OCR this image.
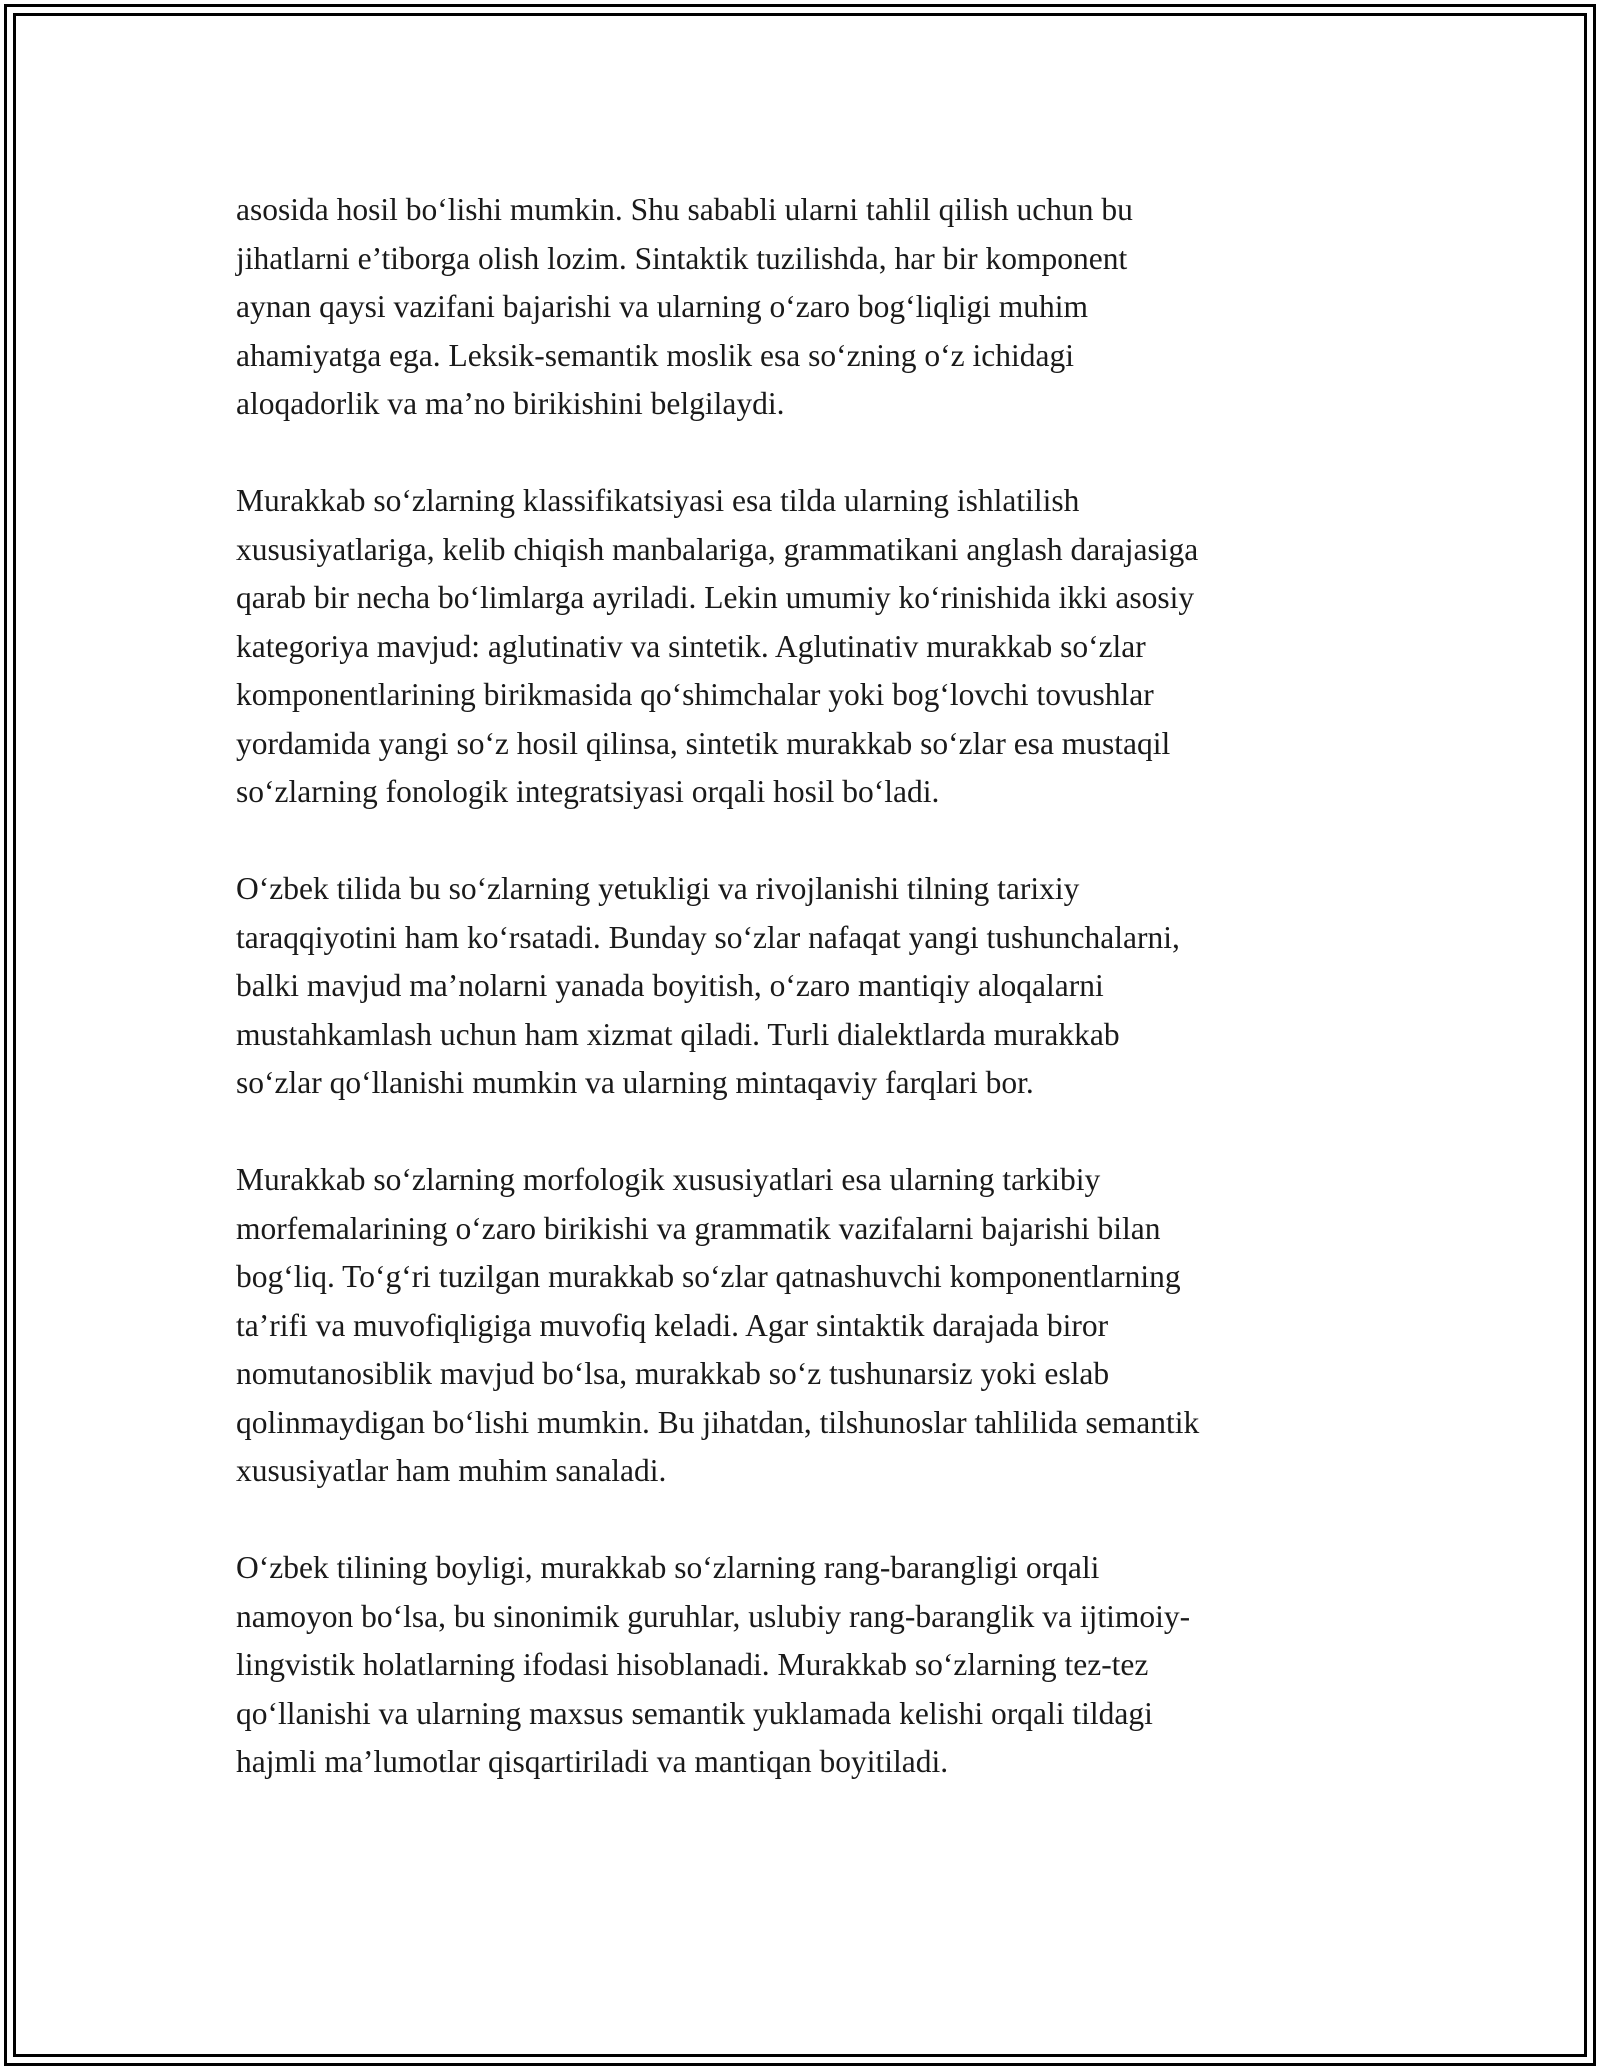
asosida hosil bo‘lishi mumkin. Shu sababli ularni tahlil qilish uchun bu
jihatlarni e’tiborga olish lozim. Sintaktik tuzilishda, har bir komponent
aynan qaysi vazifani bajarishi va ularning o‘zaro bog‘liqligi muhim
ahamiyatga ega. Leksik-semantik moslik esa so‘zning o‘z ichidagi
aloqadorlik va ma’no birikishini belgilaydi.

Murakkab so‘zlarning klassifikatsiyasi esa tilda ularning ishlatilish
xususiyatlariga, kelib chiqish manbalariga, grammatikani anglash darajasiga
qarab bir necha bo‘limlarga ayriladi. Lekin umumiy ko‘rinishida ikki asosiy
kategoriya mavjud: aglutinativ va sintetik. Aglutinativ murakkab so‘zlar
komponentlarining birikmasida qo‘shimchalar yoki bog‘lovchi tovushlar
yordamida yangi so‘z hosil qilinsa, sintetik murakkab so‘zlar esa mustaqil
so‘zlarning fonologik integratsiyasi orqali hosil bo‘ladi.

O‘zbek tilida bu so‘zlarning yetukligi va rivojlanishi tilning tarixiy
taraqqiyotini ham ko‘rsatadi. Bunday so‘zlar nafaqat yangi tushunchalarni,
balki mavjud ma’nolarni yanada boyitish, o‘zaro mantiqiy aloqalarni
mustahkamlash uchun ham xizmat qiladi. Turli dialektlarda murakkab
so‘zlar qo‘llanishi mumkin va ularning mintaqaviy farqlari bor.

Murakkab so‘zlarning morfologik xususiyatlari esa ularning tarkibiy
morfemalarining o‘zaro birikishi va grammatik vazifalarni bajarishi bilan
bog‘liq. To‘g‘ri tuzilgan murakkab so‘zlar qatnashuvchi komponentlarning
ta’rifi va muvofiqligiga muvofiq keladi. Agar sintaktik darajada biror
nomutanosiblik mavjud bo‘lsa, murakkab so‘z tushunarsiz yoki eslab
qolinmaydigan bo‘lishi mumkin. Bu jihatdan, tilshunoslar tahlilida semantik
xususiyatlar ham muhim sanaladi.

O‘zbek tilining boyligi, murakkab so‘zlarning rang-barangligi orqali
namoyon bo‘lsa, bu sinonimik guruhlar, uslubiy rang-baranglik va ijtimoiy-
lingvistik holatlarning ifodasi hisoblanadi. Murakkab so‘zlarning tez-tez
qo‘llanishi va ularning maxsus semantik yuklamada kelishi orqali tildagi
hajmli ma’lumotlar qisqartiriladi va mantiqan boyitiladi.
